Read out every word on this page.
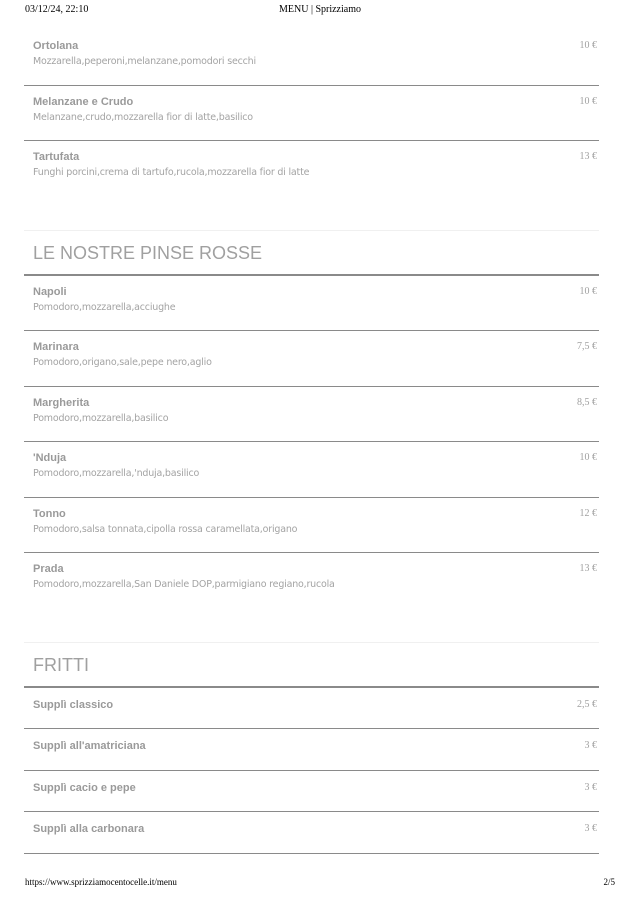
03/12/24, 22:10	MENU | Sprizziamo
Ortolana
Mozzarella,peperoni,melanzane,pomodori secchi
10 €
Melanzane e Crudo
Melanzane,crudo,mozzarella fior di latte,basilico
10 €
Tartufata
Funghi porcini,crema di tartufo,rucola,mozzarella fior di latte
13 €
LE NOSTRE PINSE ROSSE
Napoli
Pomodoro,mozzarella,acciughe
10 €
Marinara
Pomodoro,origano,sale,pepe nero,aglio
7,5 €
Margherita
Pomodoro,mozzarella,basilico
8,5 €
'Nduja
Pomodoro,mozzarella,'nduja,basilico
10 €
Tonno
Pomodoro,salsa tonnata,cipolla rossa caramellata,origano
12 €
Prada
Pomodoro,mozzarella,San Daniele DOP,parmigiano regiano,rucola
13 €
FRITTI
Supplì classico	2,5 €
Supplì all'amatriciana	3 €
Supplì cacio e pepe	3 €
Supplì alla carbonara	3 €
https://www.sprizziamocentocelle.it/menu	2/5
